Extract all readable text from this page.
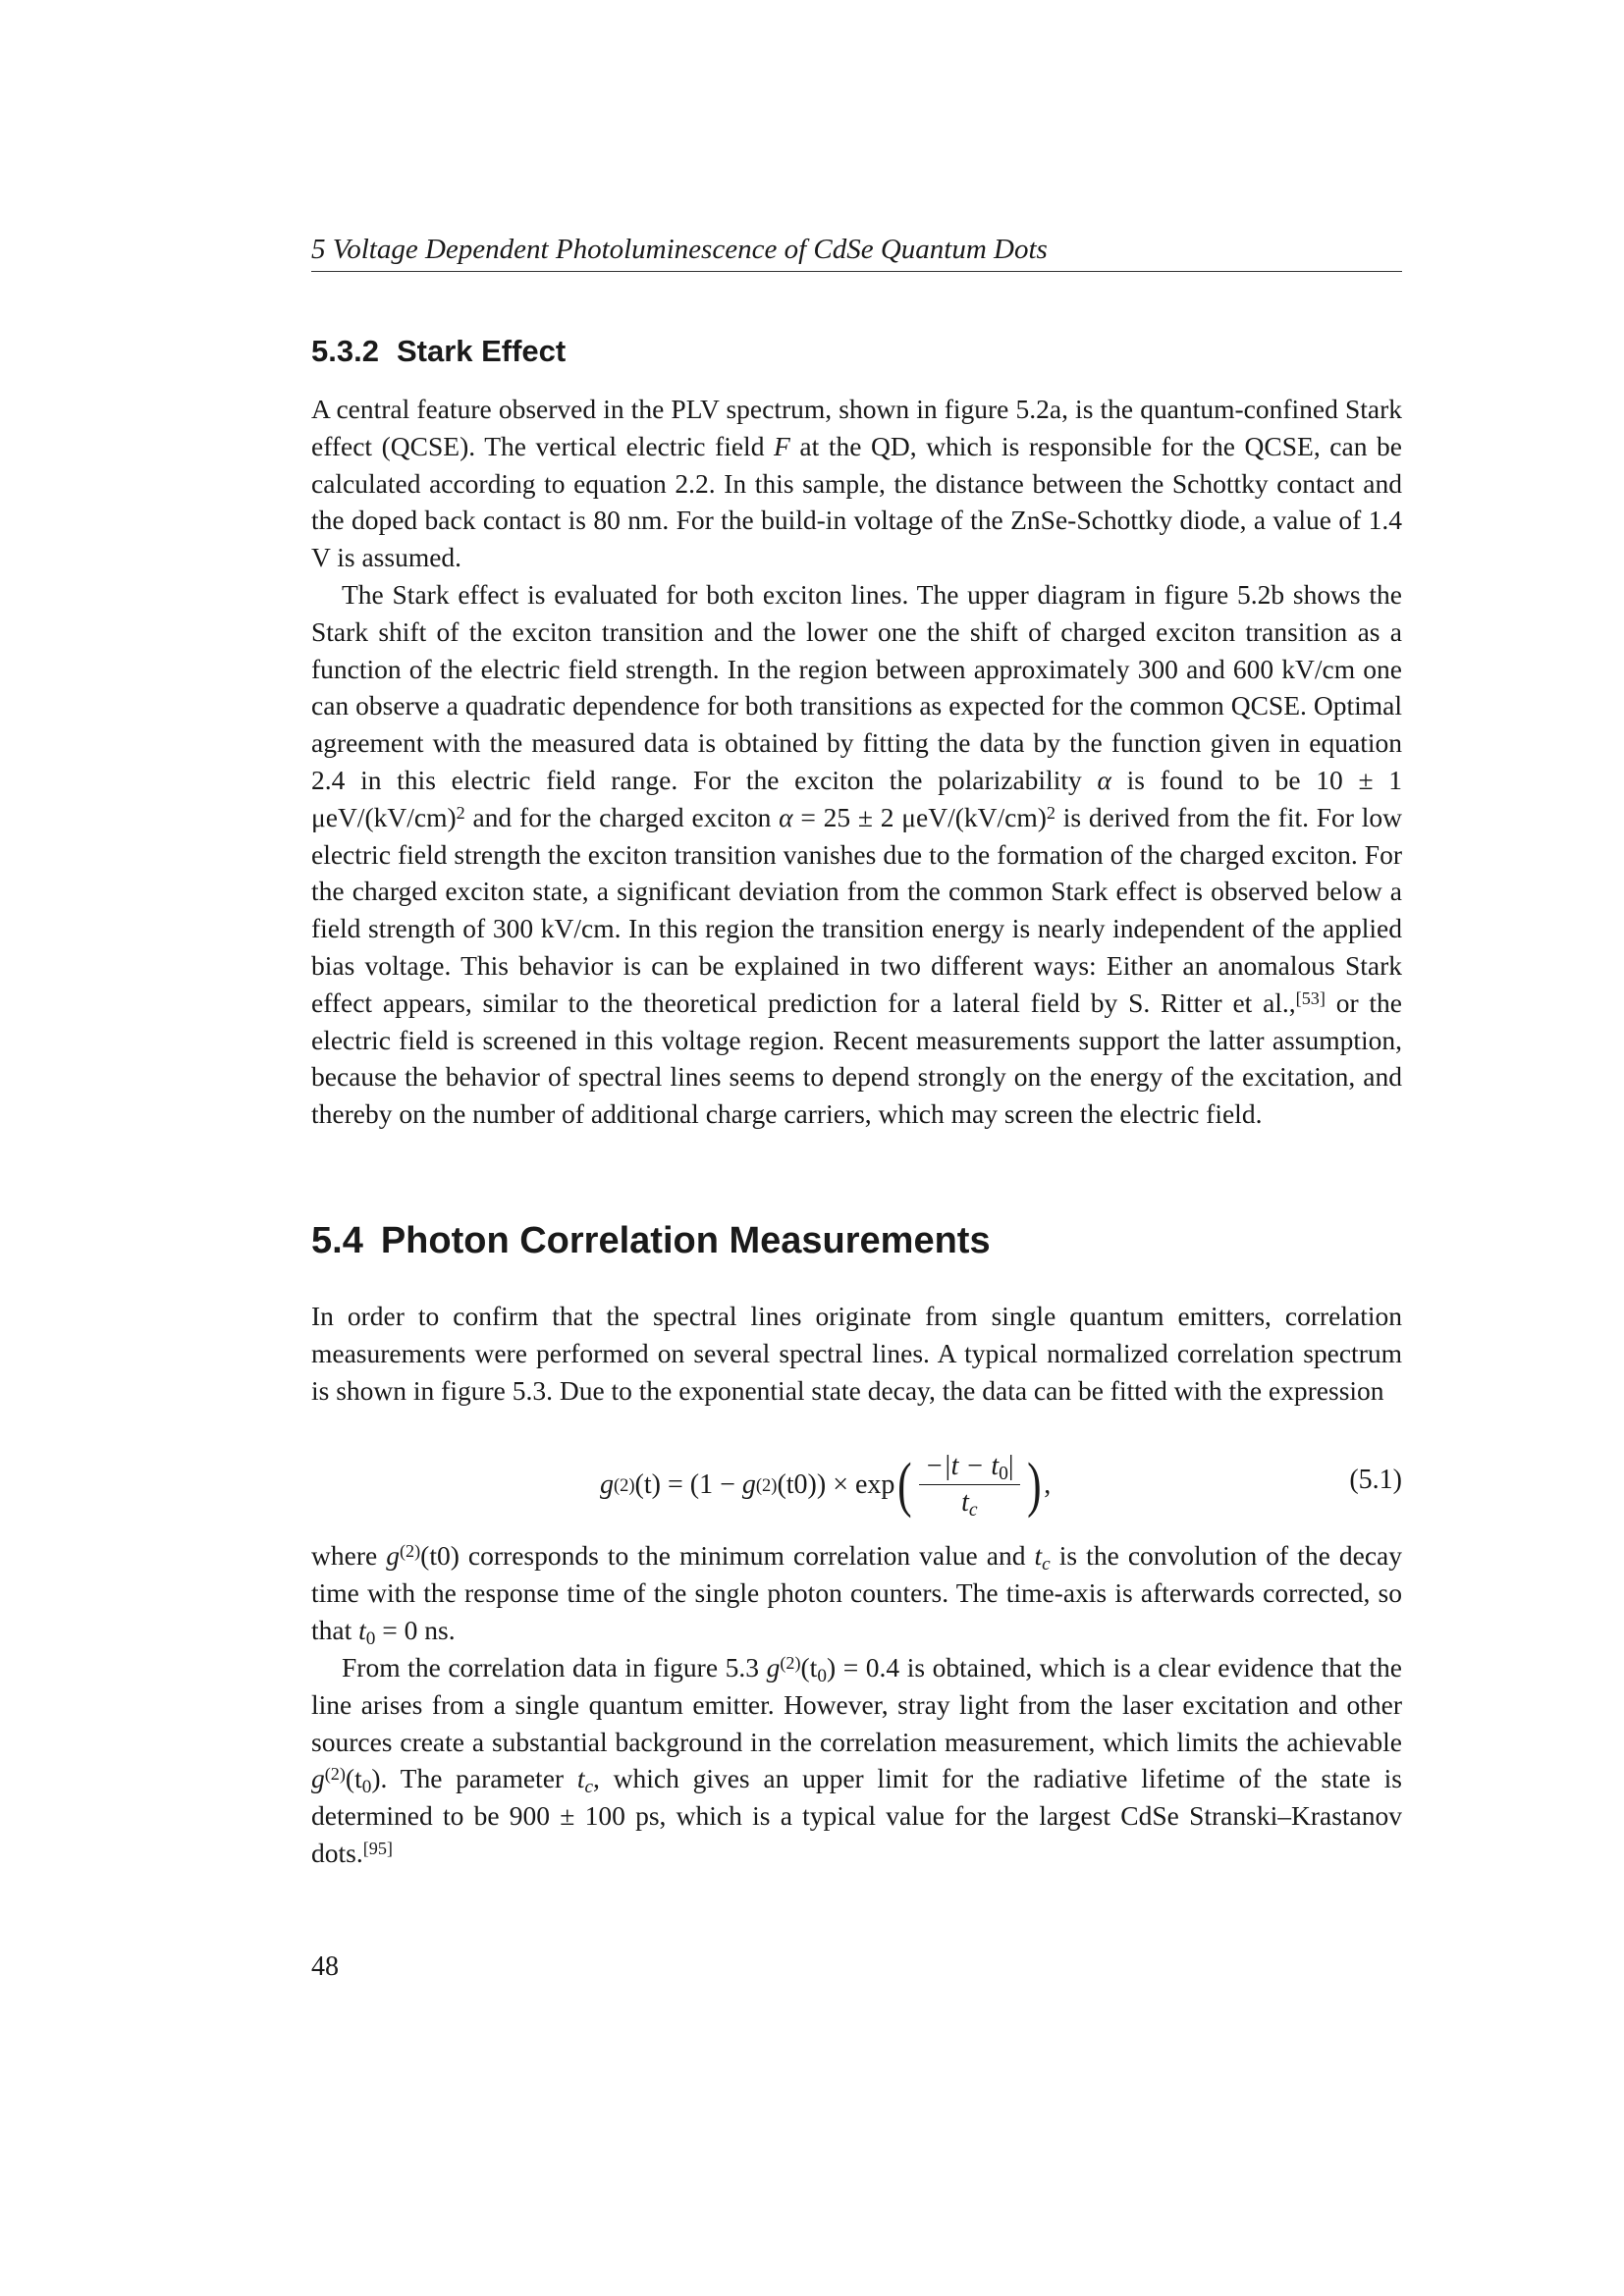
5 Voltage Dependent Photoluminescence of CdSe Quantum Dots
5.3.2 Stark Effect

A central feature observed in the PLV spectrum, shown in figure 5.2a, is the quantum-confined Stark effect (QCSE). The vertical electric field F at the QD, which is responsible for the QCSE, can be calculated according to equation 2.2. In this sample, the distance between the Schottky contact and the doped back contact is 80 nm. For the build-in voltage of the ZnSe-Schottky diode, a value of 1.4 V is assumed.

The Stark effect is evaluated for both exciton lines. The upper diagram in figure 5.2b shows the Stark shift of the exciton transition and the lower one the shift of charged exciton transition as a function of the electric field strength. In the region between approximately 300 and 600 kV/cm one can observe a quadratic dependence for both transitions as expected for the common QCSE. Optimal agreement with the measured data is obtained by fitting the data by the function given in equation 2.4 in this electric field range. For the exciton the polarizability α is found to be 10 ± 1 μeV/$(kV/cm)^2$ and for the charged exciton α = 25 ± 2 μeV/$(kV/cm)^2$ is derived from the fit. For low electric field strength the exciton transition vanishes due to the formation of the charged exciton. For the charged exciton state, a significant deviation from the common Stark effect is observed below a field strength of 300 kV/cm. In this region the transition energy is nearly independent of the applied bias voltage. This behavior is can be explained in two different ways: Either an anomalous Stark effect appears, similar to the theoretical prediction for a lateral field by S. Ritter et al.,[53] or the electric field is screened in this voltage region. Recent measurements support the latter assumption, because the behavior of spectral lines seems to depend strongly on the energy of the excitation, and thereby on the number of additional charge carriers, which may screen the electric field.

5.4 Photon Correlation Measurements

In order to confirm that the spectral lines originate from single quantum emitters, correlation measurements were performed on several spectral lines. A typical normalized correlation spectrum is shown in figure 5.3. Due to the exponential state decay, the data can be fitted with the expression

g (2) (t) = (1 − g (2) (t0) ) × exp ( $\frac{-|t - t_0|}{t_c}$ ) ,	(5.1)

where $g^{(2)}(t0)$ corresponds to the minimum correlation value and $t_c$ is the convolution of the decay time with the response time of the single photon counters. The time-axis is afterwards corrected, so that $t_0 = 0$ ns.

From the correlation data in figure 5.3 $g^{(2)}(t_0) = 0.4$ is obtained, which is a clear evidence that the line arises from a single quantum emitter. However, stray light from the laser excitation and other sources create a substantial background in the correlation measurement, which limits the achievable $g^{(2)}(t_0)$. The parameter $t_c$, which gives an upper limit for the radiative lifetime of the state is determined to be 900 ± 100 ps, which is a typical value for the largest CdSe Stranski–Krastanov dots.[95]

48
